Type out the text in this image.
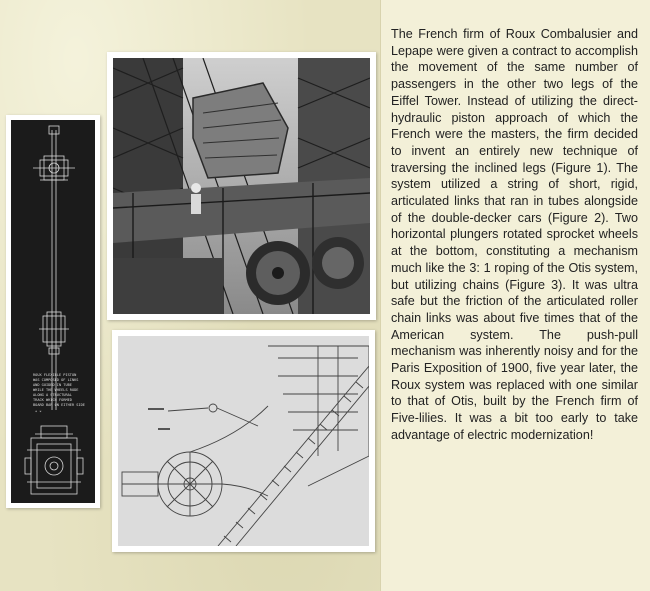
ROUX FLEXIBLE PISTON
WAS COMPOSED OF LINKS
AND GUIDED IN TUBE
WHILE THE WHEELS RODE
ALONG A STRUCTURAL
TRACK WHICH FORMED
BOARD BAR ON EITHER SIDE
* *

The French firm of Roux Combalusier and Lepape were given a contract to accomplish the movement of the same number of passengers in the other two legs of the Eiffel Tower. Instead of utilizing the direct-hydraulic piston approach of which the French were the masters, the firm decided to invent an entirely new technique of traversing the inclined legs (Figure 1). The system utilized a string of short, rigid, articulated links that ran in tubes alongside of the double-decker cars (Figure 2). Two horizontal plungers rotated sprocket wheels at the bottom, constituting a mechanism much like the 3: 1 roping of the Otis system, but utilizing chains (Figure 3). It was ultra safe but the friction of the articulated roller chain links was about five times that of the American system. The push-pull mechanism was inherently noisy and for the Paris Exposition of 1900, five year later, the Roux system was replaced with one similar to that of Otis, built by the French firm of Five-lilies. It was a bit too early to take advantage of electric modernization!
